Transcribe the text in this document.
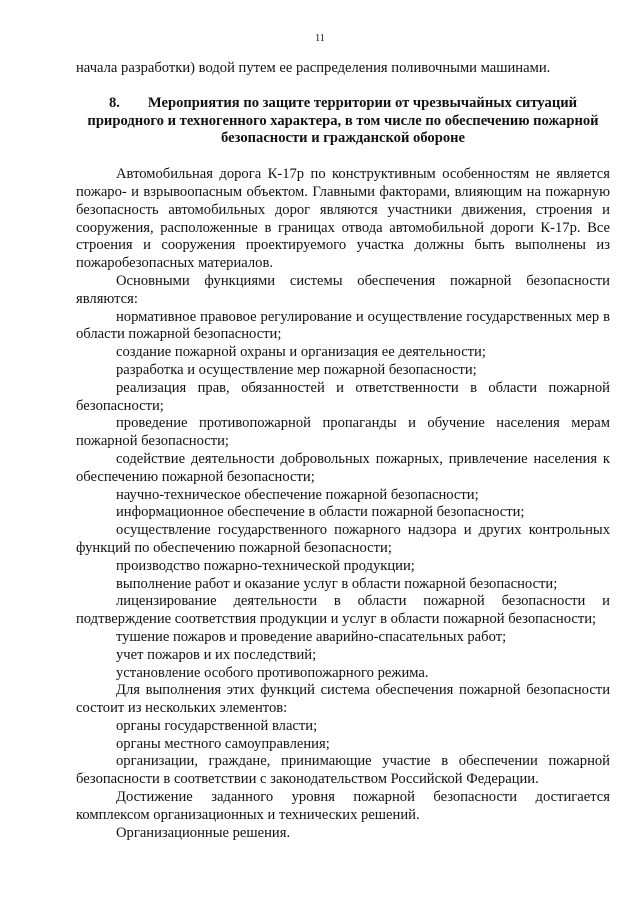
11

начала разработки) водой путем ее распределения поливочными машинами.

8. Мероприятия по защите территории от чрезвычайных ситуаций природного и техногенного характера, в том числе по обеспечению пожарной безопасности и гражданской обороне

Автомобильная дорога К-17р по конструктивным особенностям не является пожаро- и взрывоопасным объектом. Главными факторами, влияющим на пожарную безопасность автомобильных дорог являются участники движения, строения и сооружения, расположенные в границах отвода автомобильной дороги К-17р. Все строения и сооружения проектируемого участка должны быть выполнены из пожаробезопасных материалов.

Основными функциями системы обеспечения пожарной безопасности являются:

нормативное правовое регулирование и осуществление государственных мер в области пожарной безопасности;

создание пожарной охраны и организация ее деятельности;

разработка и осуществление мер пожарной безопасности;

реализация прав, обязанностей и ответственности в области пожарной безопасности;

проведение противопожарной пропаганды и обучение населения мерам пожарной безопасности;

содействие деятельности добровольных пожарных, привлечение населения к обеспечению пожарной безопасности;

научно-техническое обеспечение пожарной безопасности;

информационное обеспечение в области пожарной безопасности;

осуществление государственного пожарного надзора и других контрольных функций по обеспечению пожарной безопасности;

производство пожарно-технической продукции;

выполнение работ и оказание услуг в области пожарной безопасности;

лицензирование деятельности в области пожарной безопасности и подтверждение соответствия продукции и услуг в области пожарной безопасности;

тушение пожаров и проведение аварийно-спасательных работ;

учет пожаров и их последствий;

установление особого противопожарного режима.

Для выполнения этих функций система обеспечения пожарной безопасности состоит из нескольких элементов:

органы государственной власти;

органы местного самоуправления;

организации, граждане, принимающие участие в обеспечении пожарной безопасности в соответствии с законодательством Российской Федерации.

Достижение заданного уровня пожарной безопасности достигается комплексом организационных и технических решений.

Организационные решения.
